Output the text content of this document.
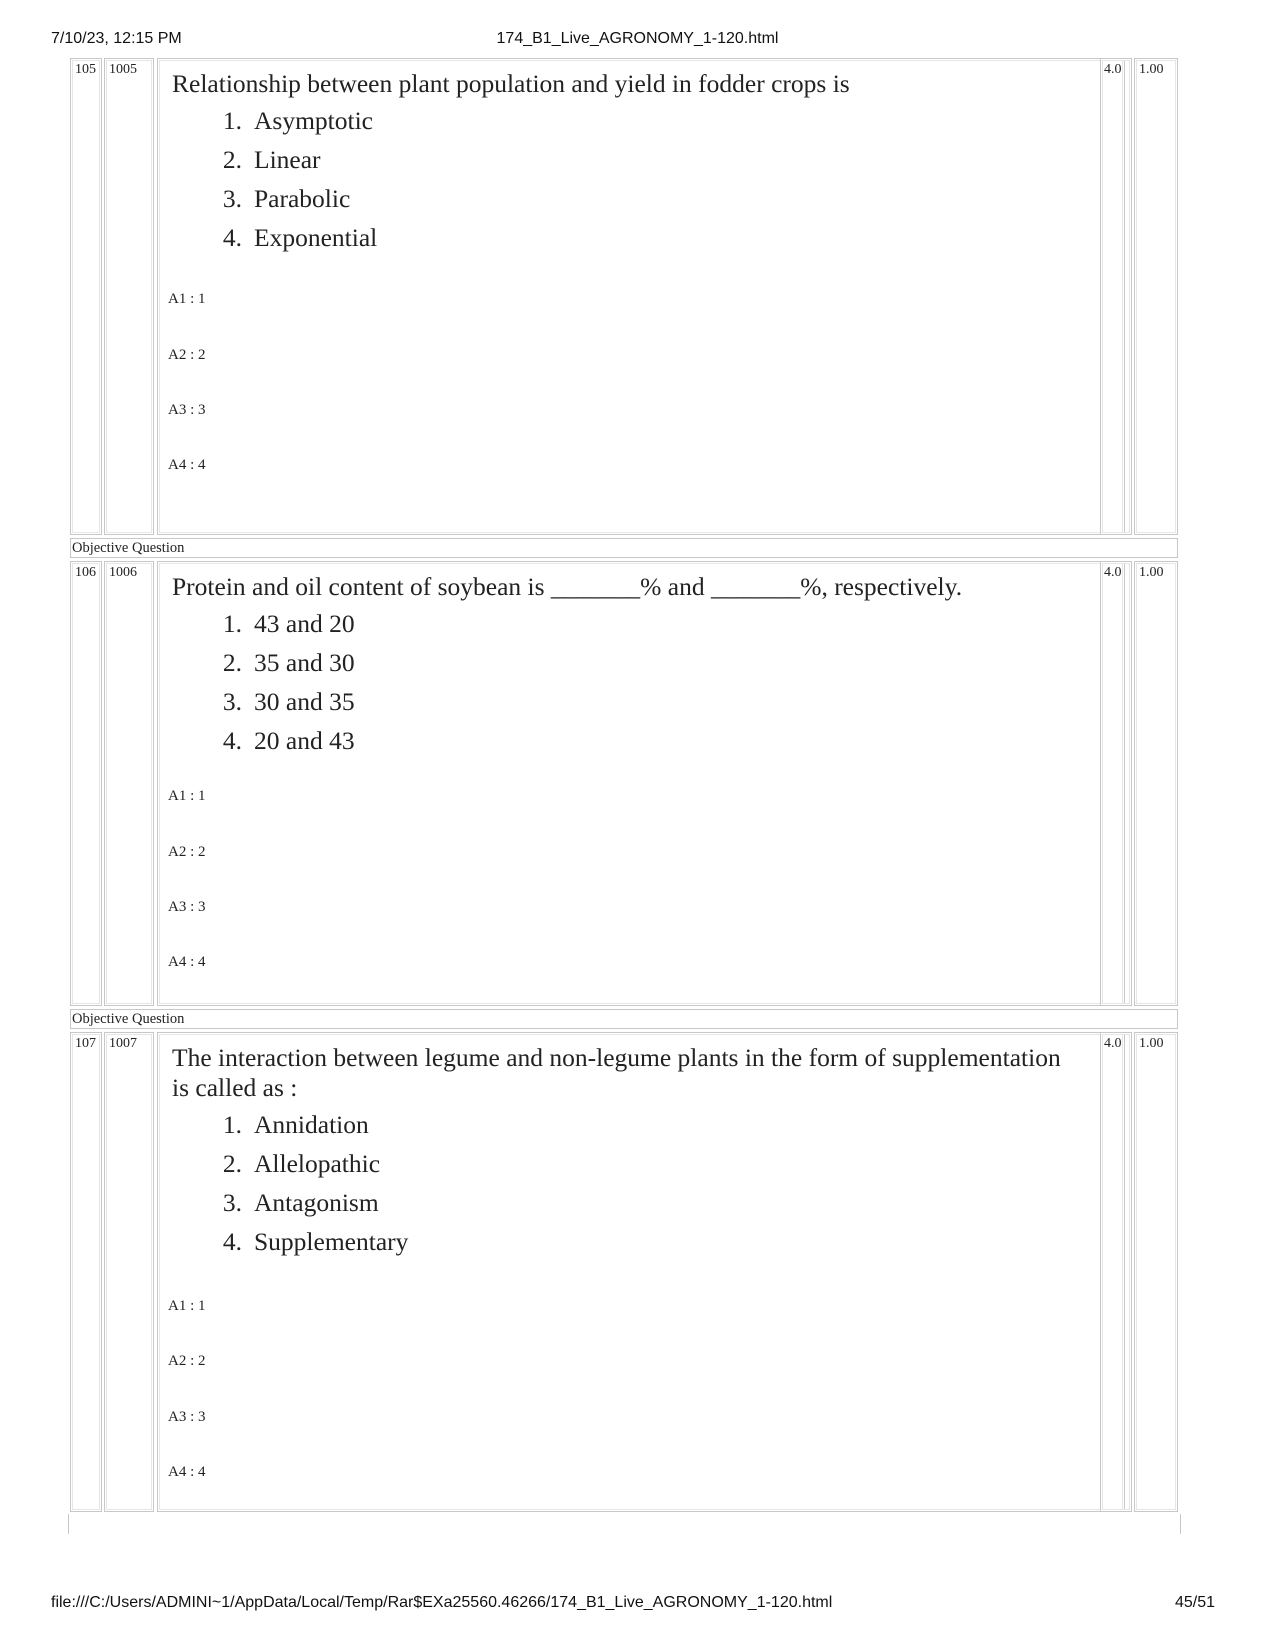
7/10/23, 12:15 PM	174_B1_Live_AGRONOMY_1-120.html
105 1005	Relationship between plant population and yield in fodder crops is
1. Asymptotic
2. Linear
3. Parabolic
4. Exponential
A1 : 1
A2 : 2
A3 : 3
A4 : 4
4.0	1.00
Objective Question
106 1006	Protein and oil content of soybean is _______% and _______%, respectively.
1. 43 and 20
2. 35 and 30
3. 30 and 35
4. 20 and 43
A1 : 1
A2 : 2
A3 : 3
A4 : 4
4.0	1.00
Objective Question
107 1007	The interaction between legume and non-legume plants in the form of supplementation is called as :
1. Annidation
2. Allelopathic
3. Antagonism
4. Supplementary
A1 : 1
A2 : 2
A3 : 3
A4 : 4
4.0	1.00
file:///C:/Users/ADMINI~1/AppData/Local/Temp/Rar$EXa25560.46266/174_B1_Live_AGRONOMY_1-120.html	45/51
